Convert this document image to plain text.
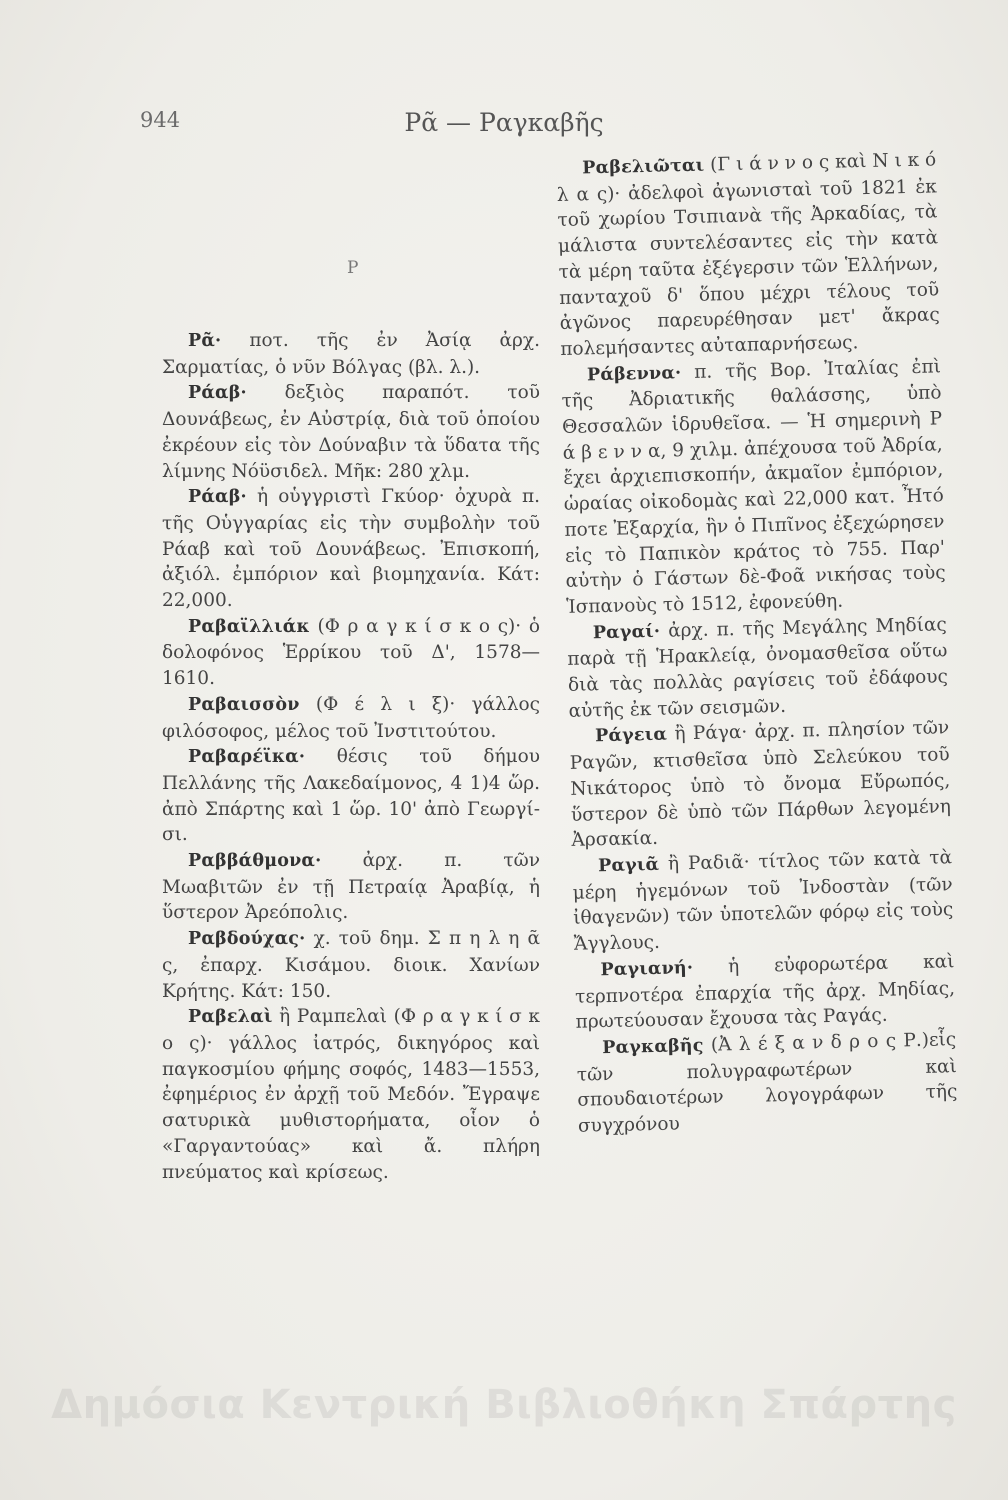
944	Ρᾶ — Ραγκαβῆς
Ρ

Ρᾶ· ποτ. τῆς ἐν Ἀσίᾳ ἀρχ. Σαρματίας, ὁ νῦν Βόλγας (βλ. λ.).

Ράαβ· δεξιὸς παραπότ. τοῦ Δουνάβεως, ἐν Αὐστρίᾳ, διὰ τοῦ ὁποίου ἐκρέουν εἰς τὸν Δούναβιν τὰ ὕδατα τῆς λίμνης Νόϋσιδελ. Μῆκ: 280 χλμ.

Ράαβ· ἡ οὑγγριστὶ Γκύορ· ὀχυρὰ π. τῆς Οὑγγαρίας εἰς τὴν συμβολὴν τοῦ Ράαβ καὶ τοῦ Δουνάβεως. Ἐπισκοπή, ἀξιόλ. ἐμπόριον καὶ βιομηχανία. Κάτ: 22,000.

Ραβαϊλλιάκ (Φ ρ α γ κ ί σ κ ο ς)· ὁ δολοφόνος Ἑρρίκου τοῦ Δ', 1578—1610.

Ραβαισσὸν (Φ έ λ ι ξ)· γάλλος φιλόσοφος, μέλος τοῦ Ἰνστιτούτου.

Ραβαρέϊκα· θέσις τοῦ δήμου Πελλάνης τῆς Λακεδαίμονος, 4 1)4 ὥρ. ἀπὸ Σπάρτης καὶ 1 ὥρ. 10' ἀπὸ Γεωργί-σι.

Ραββάθμονα· ἀρχ. π. τῶν Μωαβιτῶν ἐν τῇ Πετραίᾳ Ἀραβίᾳ, ἡ ὕστερον Ἀρεόπολις.

Ραβδούχας· χ. τοῦ δημ. Σ π η λ η ᾶ ς, ἐπαρχ. Κισάμου. διοικ. Χανίων Κρήτης. Κάτ: 150.

Ραβελαὶ ἢ Ραμπελαὶ (Φ ρ α γ κ ί σ κ ο ς)· γάλλος ἰατρός, δικηγόρος καὶ παγκοσμίου φήμης σοφός, 1483—1553, ἐφημέριος ἐν ἀρχῇ τοῦ Μεδόν. Ἔγραψε σατυρικὰ μυθιστορήματα, οἷον ὁ «Γαργαντούας» καὶ ἄ. πλήρη πνεύματος καὶ κρίσεως.

Ραβελιῶται (Γ ι ά ν ν ο ς καὶ Ν ι κ ό λ α ς)· ἀδελφοὶ ἀγωνισταὶ τοῦ 1821 ἐκ τοῦ χωρίου Τσιπιανὰ τῆς Ἀρκαδίας, τὰ μάλιστα συντελέσαντες εἰς τὴν κατὰ τὰ μέρη ταῦτα ἐξέγερσιν τῶν Ἑλλήνων, πανταχοῦ δ' ὅπου μέχρι τέλους τοῦ ἀγῶνος παρευρέθησαν μετ' ἄκρας πολεμήσαντες αὐταπαρνήσεως.

Ράβεννα· π. τῆς Βορ. Ἰταλίας ἐπὶ τῆς Ἀδριατικῆς θαλάσσης, ὑπὸ Θεσσαλῶν ἱδρυθεῖσα. — Ἡ σημερινὴ Ρ ά β ε ν ν α, 9 χιλμ. ἀπέχουσα τοῦ Ἀδρία, ἔχει ἀρχιεπισκοπήν, ἀκμαῖον ἐμπόριον, ὡραίας οἰκοδομὰς καὶ 22,000 κατ. Ἦτό ποτε Ἐξαρχία, ἣν ὁ Πιπῖνος ἐξεχώρησεν εἰς τὸ Παπικὸν κράτος τὸ 755. Παρ' αὐτὴν ὁ Γάστων δὲ-Φοᾶ νικήσας τοὺς Ἱσπανοὺς τὸ 1512, ἐφονεύθη.

Ραγαί· ἀρχ. π. τῆς Μεγάλης Μηδίας παρὰ τῇ Ἡρακλείᾳ, ὀνομασθεῖσα οὕτω διὰ τὰς πολλὰς ραγίσεις τοῦ ἐδάφους αὐτῆς ἐκ τῶν σεισμῶν.

Ράγεια ἢ Ράγα· ἀρχ. π. πλησίον τῶν Ραγῶν, κτισθεῖσα ὑπὸ Σελεύκου τοῦ Νικάτορος ὑπὸ τὸ ὄνομα Εὔρωπός, ὕστερον δὲ ὑπὸ τῶν Πάρθων λεγομένη Ἀρσακία.

Ραγιᾶ ἢ Ραδιᾶ· τίτλος τῶν κατὰ τὰ μέρη ἡγεμόνων τοῦ Ἰνδοστὰν (τῶν ἰθαγενῶν) τῶν ὑποτελῶν φόρῳ εἰς τοὺς Ἄγγλους.

Ραγιανή· ἡ εὐφορωτέρα καὶ τερπνοτέρα ἐπαρχία τῆς ἀρχ. Μηδίας, πρωτεύουσαν ἔχουσα τὰς Ραγάς.

Ραγκαβῆς (Ἀ λ έ ξ α ν δ ρ ο ς Ρ.)εἷς τῶν πολυγραφωτέρων καὶ σπουδαιοτέρων λογογράφων τῆς συγχρόνου

Δημόσια Κεντρική Βιβλιοθήκη Σπάρτης
